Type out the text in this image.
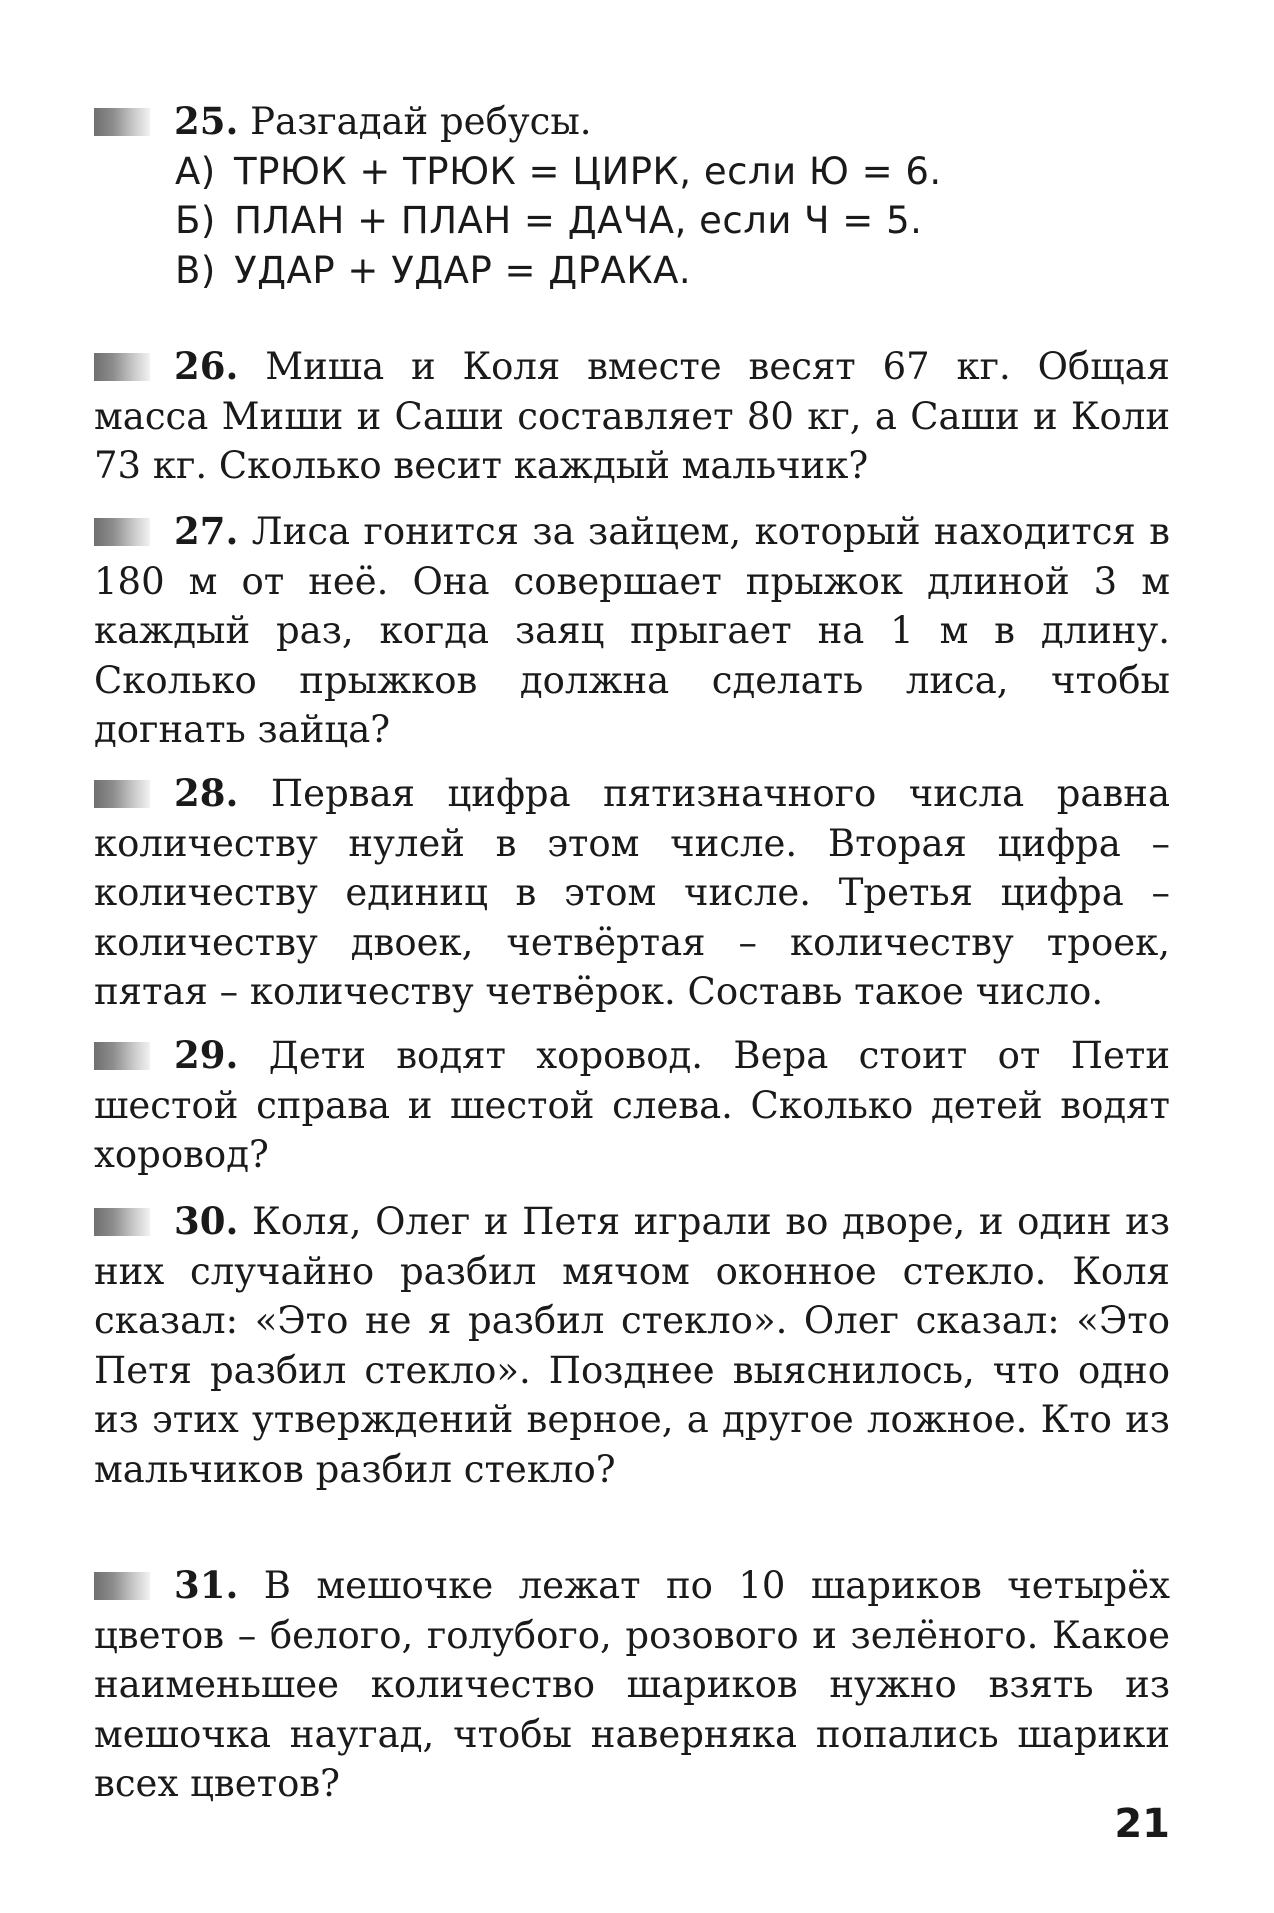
25. Разгадай ребусы.
А) ТРЮК + ТРЮК = ЦИРК, если Ю = 6.
Б) ПЛАН + ПЛАН = ДАЧА, если Ч = 5.
В) УДАР + УДАР = ДРАКА.
26. Миша и Коля вместе весят 67 кг. Общая масса Миши и Саши составляет 80 кг, а Саши и Коли 73 кг. Сколько весит каждый мальчик?
27. Лиса гонится за зайцем, который находится в 180 м от неё. Она совершает прыжок длиной 3 м каждый раз, когда заяц прыгает на 1 м в длину. Сколько прыжков должна сделать лиса, чтобы догнать зайца?
28. Первая цифра пятизначного числа равна количеству нулей в этом числе. Вторая цифра – количеству единиц в этом числе. Третья цифра – количеству двоек, четвёртая – количеству троек, пятая – количеству четвёрок. Составь такое число.
29. Дети водят хоровод. Вера стоит от Пети шестой справа и шестой слева. Сколько детей водят хоровод?
30. Коля, Олег и Петя играли во дворе, и один из них случайно разбил мячом оконное стекло. Коля сказал: «Это не я разбил стекло». Олег сказал: «Это Петя разбил стекло». Позднее выяснилось, что одно из этих утверждений верное, а другое ложное. Кто из мальчиков разбил стекло?
31. В мешочке лежат по 10 шариков четырёх цветов – белого, голубого, розового и зелёного. Какое наименьшее количество шариков нужно взять из мешочка наугад, чтобы наверняка попались шарики всех цветов?
21
